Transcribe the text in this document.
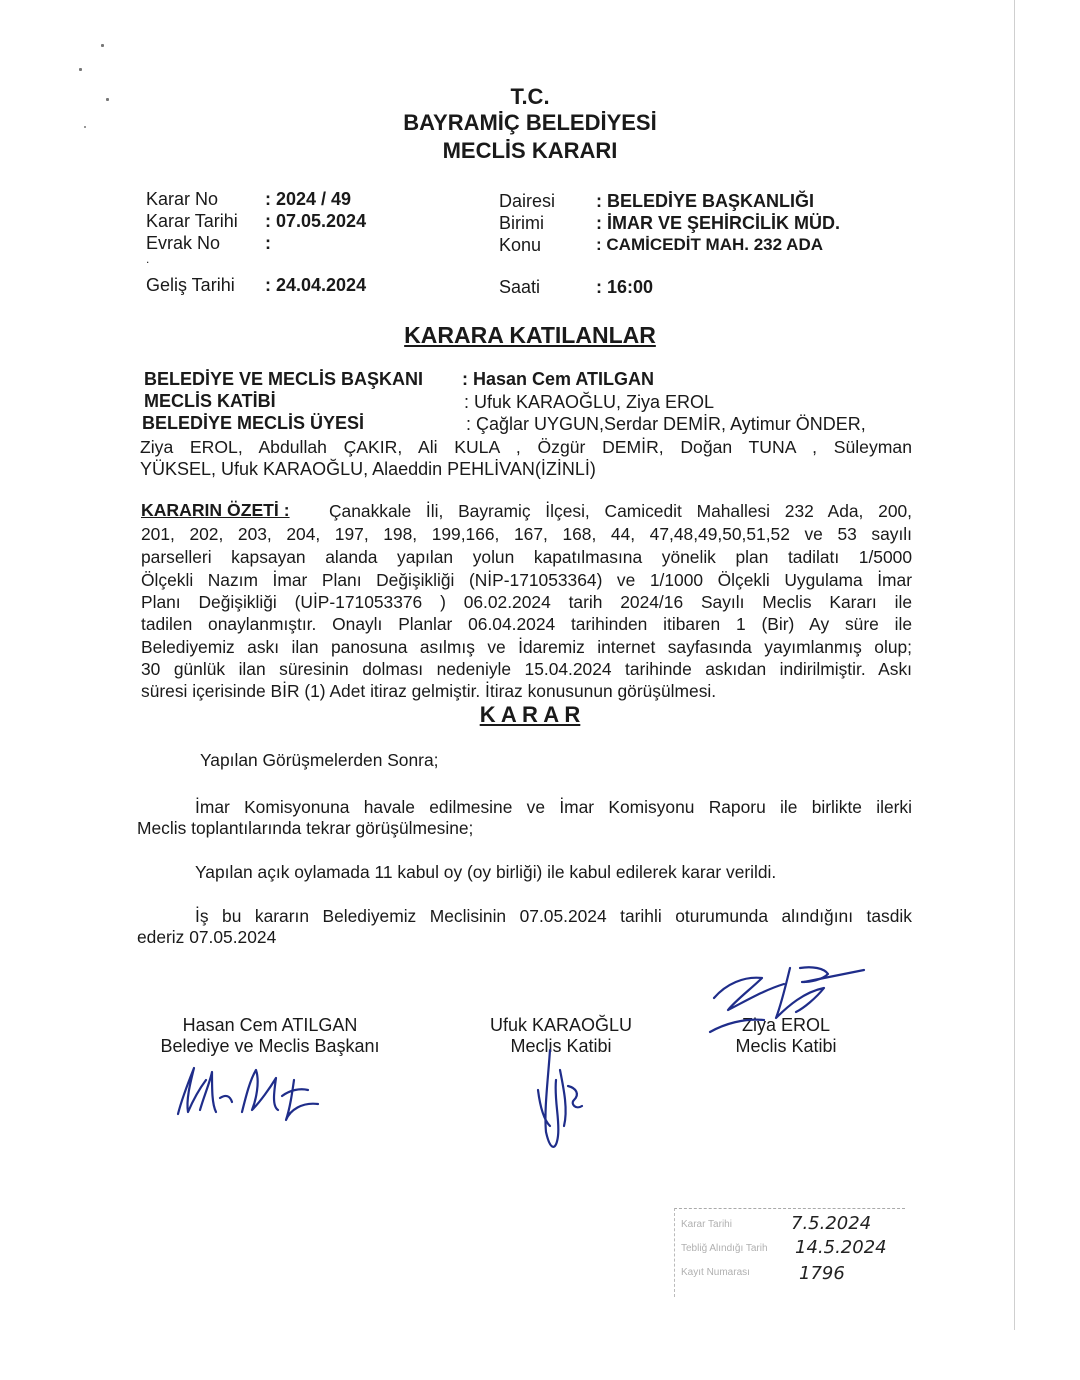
T.C.
BAYRAMİÇ BELEDİYESİ
MECLİS KARARI
Karar No	: 2024 / 49
Karar Tarihi : 07.05.2024
Evrak No :
.
Geliş Tarihi : 24.04.2024
Dairesi : BELEDİYE BAŞKANLIĞI
Birimi	: İMAR VE ŞEHİRCİLİK MÜD.
Konu	: CAMİCEDİT MAH. 232 ADA
Saati	: 16:00
KARARA KATILANLAR
BELEDİYE VE MECLİS BAŞKANI : Hasan Cem ATILGAN
MECLİS KATİBİ	: Ufuk KARAOĞLU, Ziya EROL
BELEDİYE MECLİS ÜYESİ	: Çağlar UYGUN,Serdar DEMİR, Aytimur ÖNDER,
Ziya EROL, Abdullah ÇAKIR, Ali KULA , Özgür DEMİR, Doğan TUNA , Süleyman
YÜKSEL, Ufuk KARAOĞLU, Alaeddin PEHLİVAN(İZİNLİ)
KARARIN ÖZETİ : Çanakkale İli, Bayramiç İlçesi, Camicedit Mahallesi 232 Ada, 200,
201, 202, 203, 204, 197, 198, 199,166, 167, 168, 44, 47,48,49,50,51,52 ve 53 sayılı
parselleri kapsayan alanda yapılan yolun kapatılmasına yönelik plan tadilatı 1/5000
Ölçekli Nazım İmar Planı Değişikliği (NİP-171053364) ve 1/1000 Ölçekli Uygulama İmar
Planı Değişikliği (UİP-171053376 ) 06.02.2024 tarih 2024/16 Sayılı Meclis Kararı ile
tadilen onaylanmıştır. Onaylı Planlar 06.04.2024 tarihinden itibaren 1 (Bir) Ay süre ile
Belediyemiz askı ilan panosuna asılmış ve İdaremiz internet sayfasında yayımlanmış olup;
30 günlük ilan süresinin dolması nedeniyle 15.04.2024 tarihinde askıdan indirilmiştir. Askı
süresi içerisinde BİR (1) Adet itiraz gelmiştir. İtiraz konusunun görüşülmesi.
K A R A R
Yapılan Görüşmelerden Sonra;
İmar Komisyonuna havale edilmesine ve İmar Komisyonu Raporu ile birlikte ilerki
Meclis toplantılarında tekrar görüşülmesine;
Yapılan açık oylamada 11 kabul oy (oy birliği) ile kabul edilerek karar verildi.
İş bu kararın Belediyemiz Meclisinin 07.05.2024 tarihli oturumunda alındığını tasdik
ederiz 07.05.2024
Hasan Cem ATILGAN
Belediye ve Meclis Başkanı
Ufuk KARAOĞLU
Meclis Katibi
Ziya EROL
Meclis Katibi
Karar Tarihi	7.5.2024
Tebliğ Alındığı Tarih 14.5.2024
Kayıt Numarası	1796
